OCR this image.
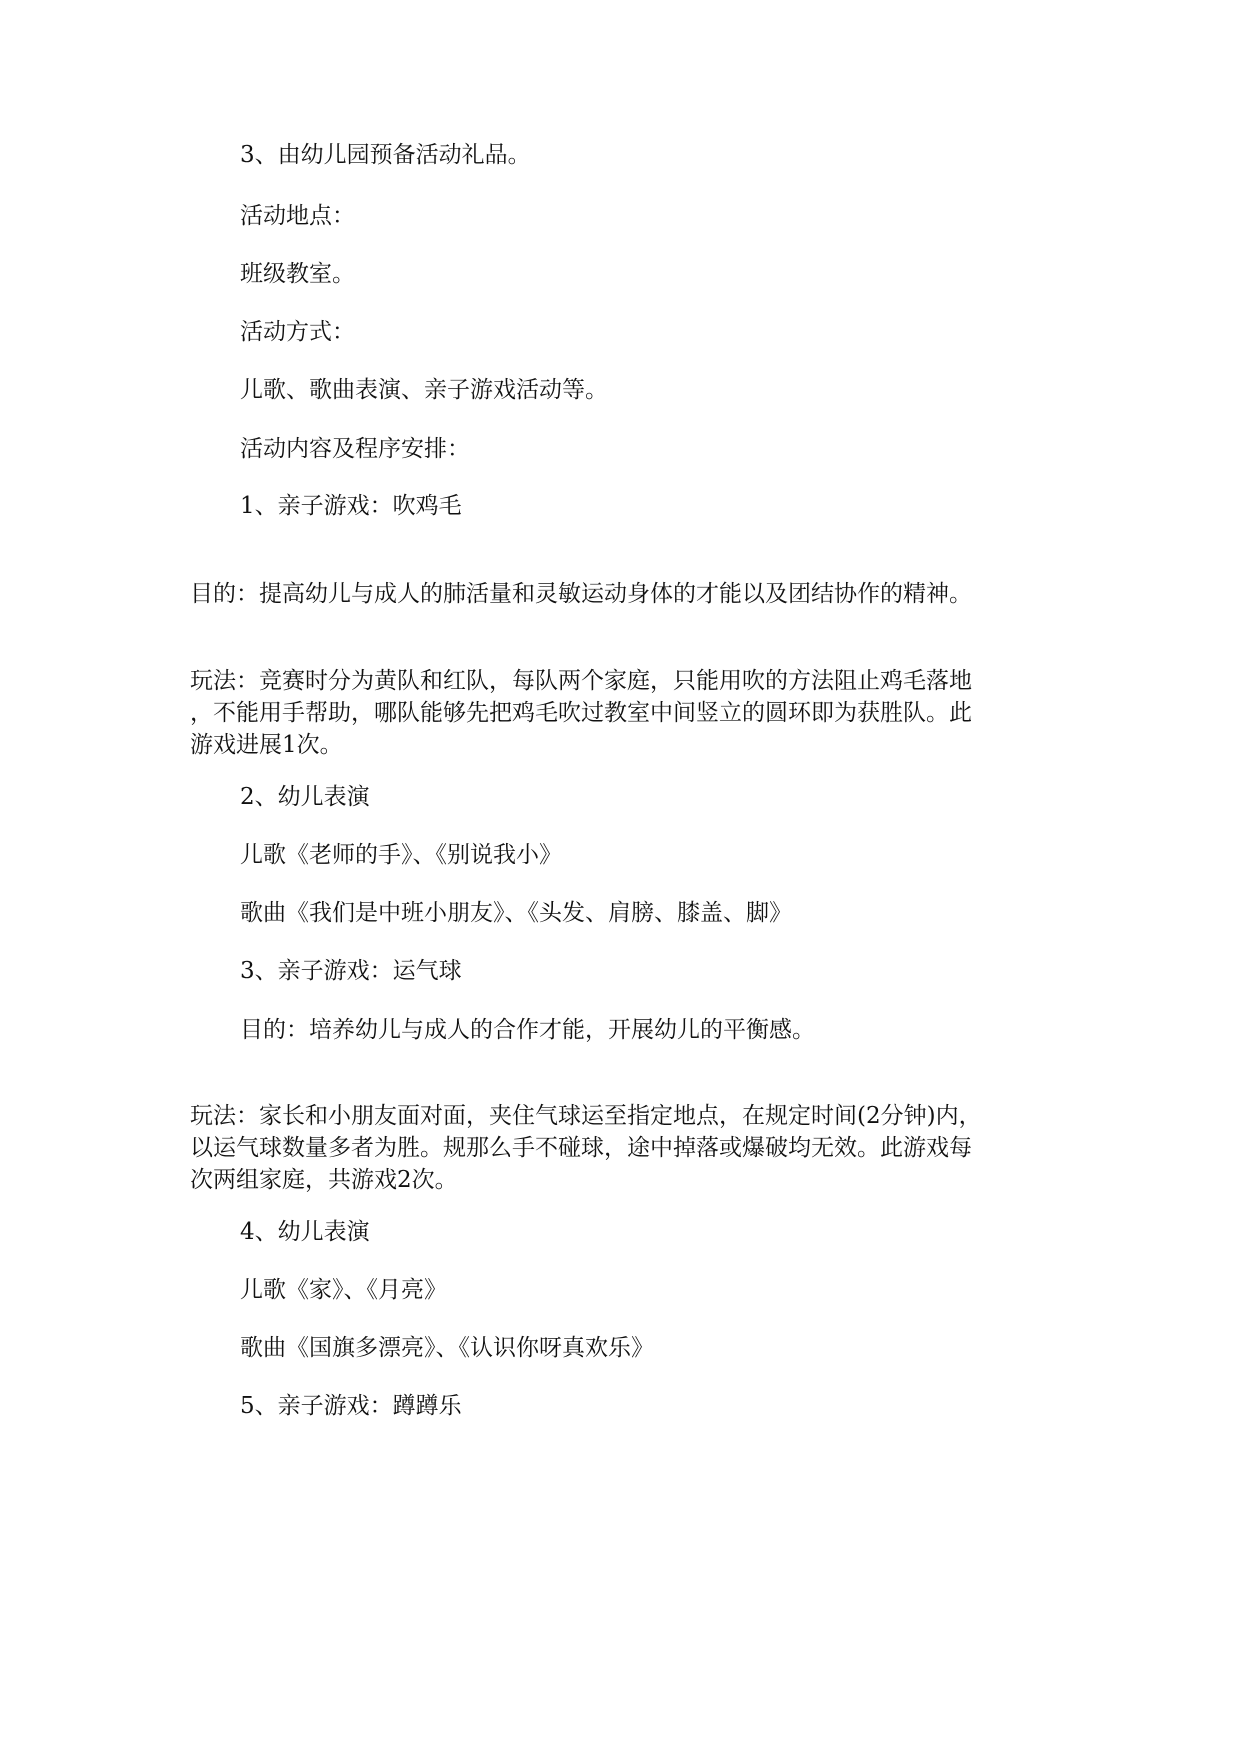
3、由幼儿园预备活动礼品。
活动地点：
班级教室。
活动方式：
儿歌、歌曲表演、亲子游戏活动等。
活动内容及程序安排：
1、亲子游戏：吹鸡毛
目的：提高幼儿与成人的肺活量和灵敏运动身体的才能以及团结协作的精神。

玩法：竞赛时分为黄队和红队，每队两个家庭，只能用吹的方法阻止鸡毛落地

，不能用手帮助，哪队能够先把鸡毛吹过教室中间竖立的圆环即为获胜队。此

游戏进展1次。

2、幼儿表演
儿歌《老师的手》、《别说我小》
歌曲《我们是中班小朋友》、《头发、肩膀、膝盖、脚》
3、亲子游戏：运气球
目的：培养幼儿与成人的合作才能，开展幼儿的平衡感。

玩法：家长和小朋友面对面，夹住气球运至指定地点，在规定时间(2分钟)内，

以运气球数量多者为胜。规那么手不碰球，途中掉落或爆破均无效。此游戏每

次两组家庭，共游戏2次。

4、幼儿表演
儿歌《家》、《月亮》
歌曲《国旗多漂亮》、《认识你呀真欢乐》
5、亲子游戏：蹲蹲乐
